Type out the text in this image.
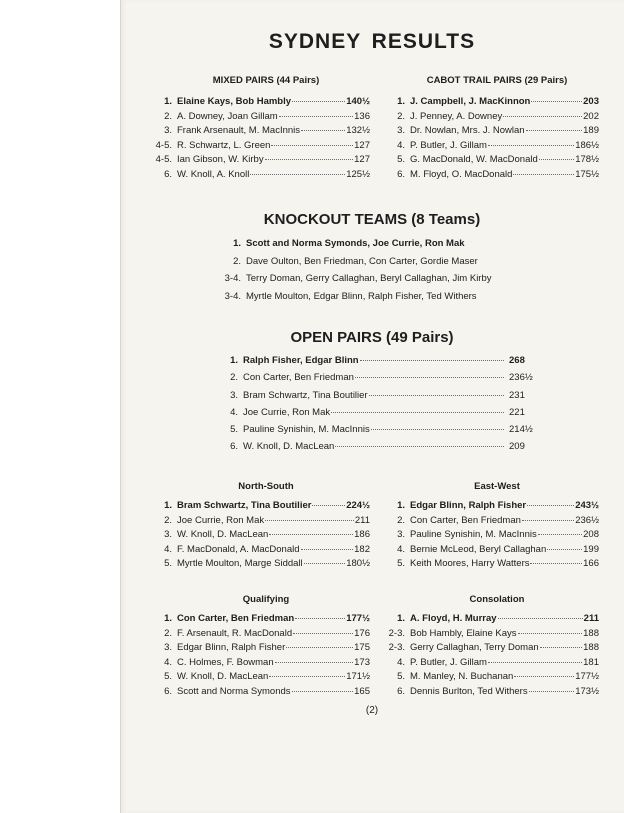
SYDNEY RESULTS
MIXED PAIRS (44 Pairs)
1. Elaine Kays, Bob Hambly	140½
2. A. Downey, Joan Gillam	136
3. Frank Arsenault, M. MacInnis	132½
4-5. R. Schwartz, L. Green	127
4-5. Ian Gibson, W. Kirby	127
6. W. Knoll, A. Knoll	125½
CABOT TRAIL PAIRS (29 Pairs)
1. J. Campbell, J. MacKinnon	203
2. J. Penney, A. Downey	202
3. Dr. Nowlan, Mrs. J. Nowlan	189
4. P. Butler, J. Gillam	186½
5. G. MacDonald, W. MacDonald	178½
6. M. Floyd, O. MacDonald	175½
KNOCKOUT TEAMS (8 Teams)
1. Scott and Norma Symonds, Joe Currie, Ron Mak
2. Dave Oulton, Ben Friedman, Con Carter, Gordie Maser
3-4. Terry Doman, Gerry Callaghan, Beryl Callaghan, Jim Kirby
3-4. Myrtle Moulton, Edgar Blinn, Ralph Fisher, Ted Withers
OPEN PAIRS (49 Pairs)
1. Ralph Fisher, Edgar Blinn	268
2. Con Carter, Ben Friedman	236½
3. Bram Schwartz, Tina Boutilier	231
4. Joe Currie, Ron Mak	221
5. Pauline Synishin, M. MacInnis	214½
6. W. Knoll, D. MacLean	209
North-South
1. Bram Schwartz, Tina Boutilier	224½
2. Joe Currie, Ron Mak	211
3. W. Knoll, D. MacLean	186
4. F. MacDonald, A. MacDonald	182
5. Myrtle Moulton, Marge Siddall	180½
East-West
1. Edgar Blinn, Ralph Fisher	243½
2. Con Carter, Ben Friedman	236½
3. Pauline Synishin, M. MacInnis	208
4. Bernie McLeod, Beryl Callaghan	199
5. Keith Moores, Harry Watters	166
Qualifying
1. Con Carter, Ben Friedman	177½
2. F. Arsenault, R. MacDonald	176
3. Edgar Blinn, Ralph Fisher	175
4. C. Holmes, F. Bowman	173
5. W. Knoll, D. MacLean	171½
6. Scott and Norma Symonds	165
Consolation
1. A. Floyd, H. Murray	211
2-3. Bob Hambly, Elaine Kays	188
2-3. Gerry Callaghan, Terry Doman	188
4. P. Butler, J. Gillam	181
5. M. Manley, N. Buchanan	177½
6. Dennis Burlton, Ted Withers	173½
(2)
